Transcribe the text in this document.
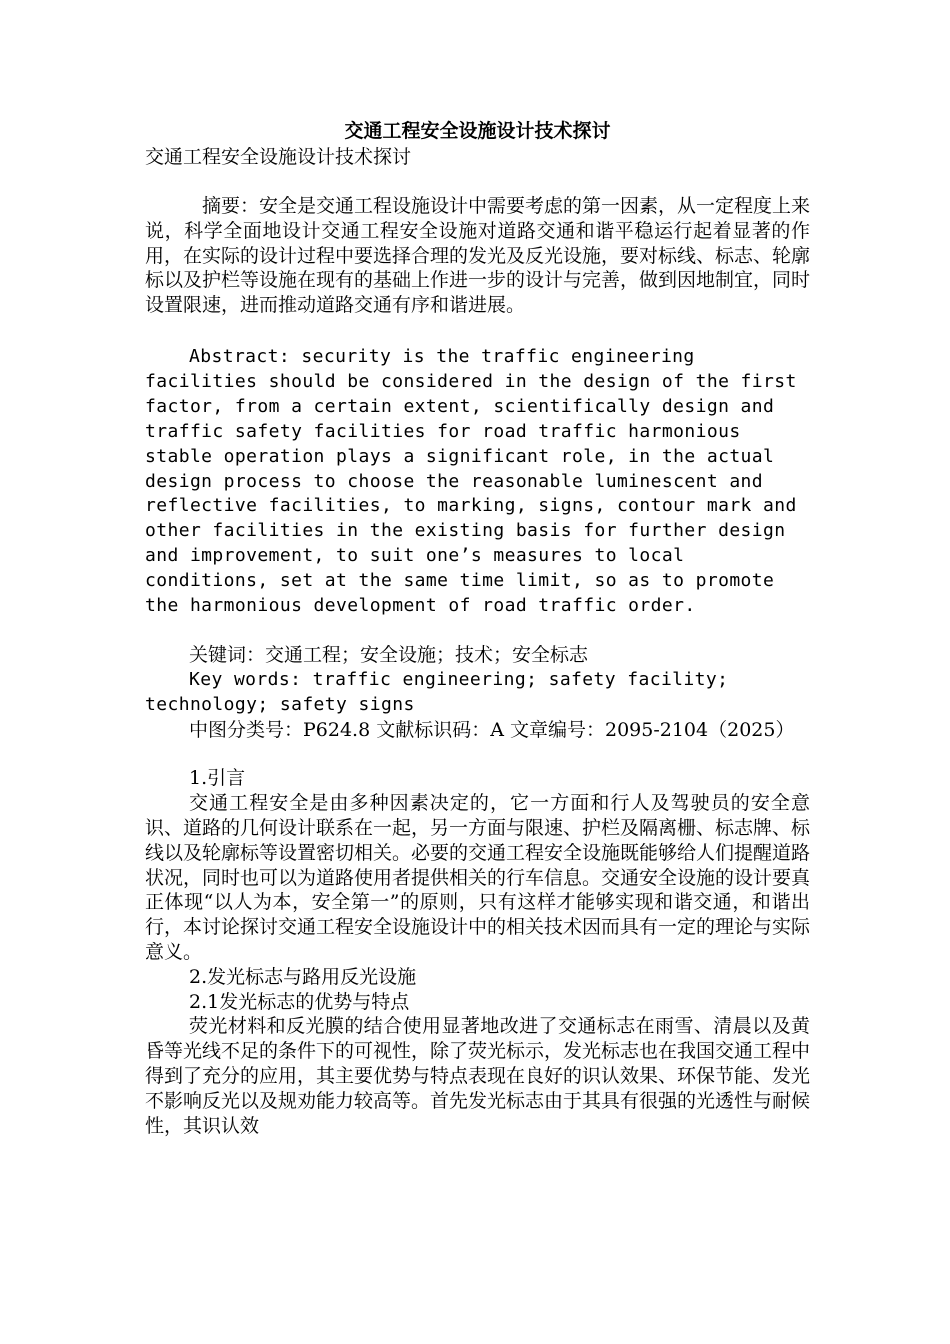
交通工程安全设施设计技术探讨

交通工程安全设施设计技术探讨

摘要：安全是交通工程设施设计中需要考虑的第一因素，从一定程度上来说，科学全面地设计交通工程安全设施对道路交通和谐平稳运行起着显著的作用，在实际的设计过程中要选择合理的发光及反光设施，要对标线、标志、轮廓标以及护栏等设施在现有的基础上作进一步的设计与完善，做到因地制宜，同时设置限速，进而推动道路交通有序和谐进展。

Abstract: security is the traffic engineering facilities should be considered in the design of the first factor, from a certain extent, scientifically design and traffic safety facilities for road traffic harmonious stable operation plays a significant role, in the actual design process to choose the reasonable luminescent and reflective facilities, to marking, signs, contour mark and other facilities in the existing basis for further design and improvement, to suit one’s measures to local conditions, set at the same time limit, so as to promote the harmonious development of road traffic order.

关键词：交通工程；安全设施；技术；安全标志

Key words: traffic engineering; safety facility; technology; safety signs

中图分类号：P624.8 文献标识码：A 文章编号：2095-2104（2025）

1.引言

交通工程安全是由多种因素决定的，它一方面和行人及驾驶员的安全意识、道路的几何设计联系在一起，另一方面与限速、护栏及隔离栅、标志牌、标线以及轮廓标等设置密切相关。必要的交通工程安全设施既能够给人们提醒道路状况，同时也可以为道路使用者提供相关的行车信息。交通安全设施的设计要真正体现“以人为本，安全第一”的原则，只有这样才能够实现和谐交通，和谐出行，本讨论探讨交通工程安全设施设计中的相关技术因而具有一定的理论与实际意义。

2.发光标志与路用反光设施

2.1发光标志的优势与特点

荧光材料和反光膜的结合使用显著地改进了交通标志在雨雪、清晨以及黄昏等光线不足的条件下的可视性，除了荧光标示，发光标志也在我国交通工程中得到了充分的应用，其主要优势与特点表现在良好的识认效果、环保节能、发光不影响反光以及规劝能力较高等。首先发光标志由于其具有很强的光透性与耐候性，其识认效
